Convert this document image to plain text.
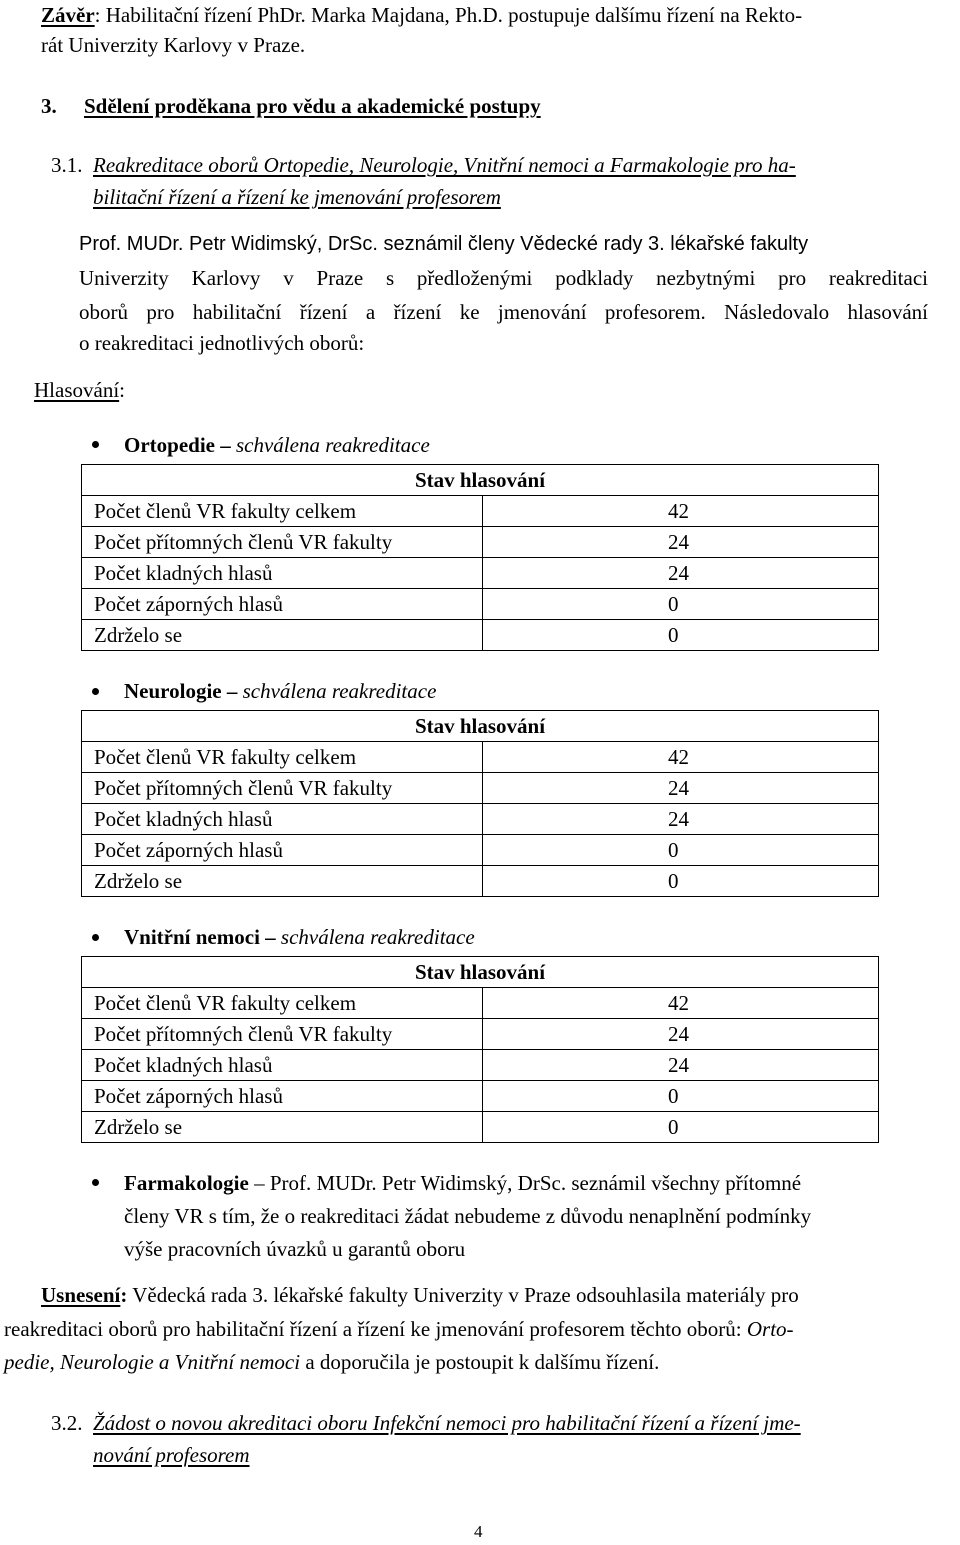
Závěr: Habilitační řízení PhDr. Marka Majdana, Ph.D. postupuje dalšímu řízení na Rekto-
rát Univerzity Karlovy v Praze.
3. Sdělení proděkana pro vědu a akademické postupy
3.1. Reakreditace oborů Ortopedie, Neurologie, Vnitřní nemoci a Farmakologie pro ha-
bilitační řízení a řízení ke jmenování profesorem
Prof. MUDr. Petr Widimský, DrSc. seznámil členy Vědecké rady 3. lékařské fakulty
Univerzity Karlovy v Praze s předloženými podklady nezbytnými pro reakreditaci
oborů pro habilitační řízení a řízení ke jmenování profesorem. Následovalo hlasování
o reakreditaci jednotlivých oborů:
Hlasování:
Ortopedie – schválena reakreditace
Stav hlasování	
Počet členů VR fakulty celkem	42
Počet přítomných členů VR fakulty	24
Počet kladných hlasů	24
Počet záporných hlasů	0
Zdrželo se	0
Neurologie – schválena reakreditace
Stav hlasování	
Počet členů VR fakulty celkem	42
Počet přítomných členů VR fakulty	24
Počet kladných hlasů	24
Počet záporných hlasů	0
Zdrželo se	0
Vnitřní nemoci – schválena reakreditace
Stav hlasování	
Počet členů VR fakulty celkem	42
Počet přítomných členů VR fakulty	24
Počet kladných hlasů	24
Počet záporných hlasů	0
Zdrželo se	0
Farmakologie – Prof. MUDr. Petr Widimský, DrSc. seznámil všechny přítomné
členy VR s tím, že o reakreditaci žádat nebudeme z důvodu nenaplnění podmínky
výše pracovních úvazků u garantů oboru
Usnesení: Vědecká rada 3. lékařské fakulty Univerzity v Praze odsouhlasila materiály pro
reakreditaci oborů pro habilitační řízení a řízení ke jmenování profesorem těchto oborů: Orto-
pedie, Neurologie a Vnitřní nemoci a doporučila je postoupit k dalšímu řízení.
3.2. Žádost o novou akreditaci oboru Infekční nemoci pro habilitační řízení a řízení jme-
nování profesorem
4
